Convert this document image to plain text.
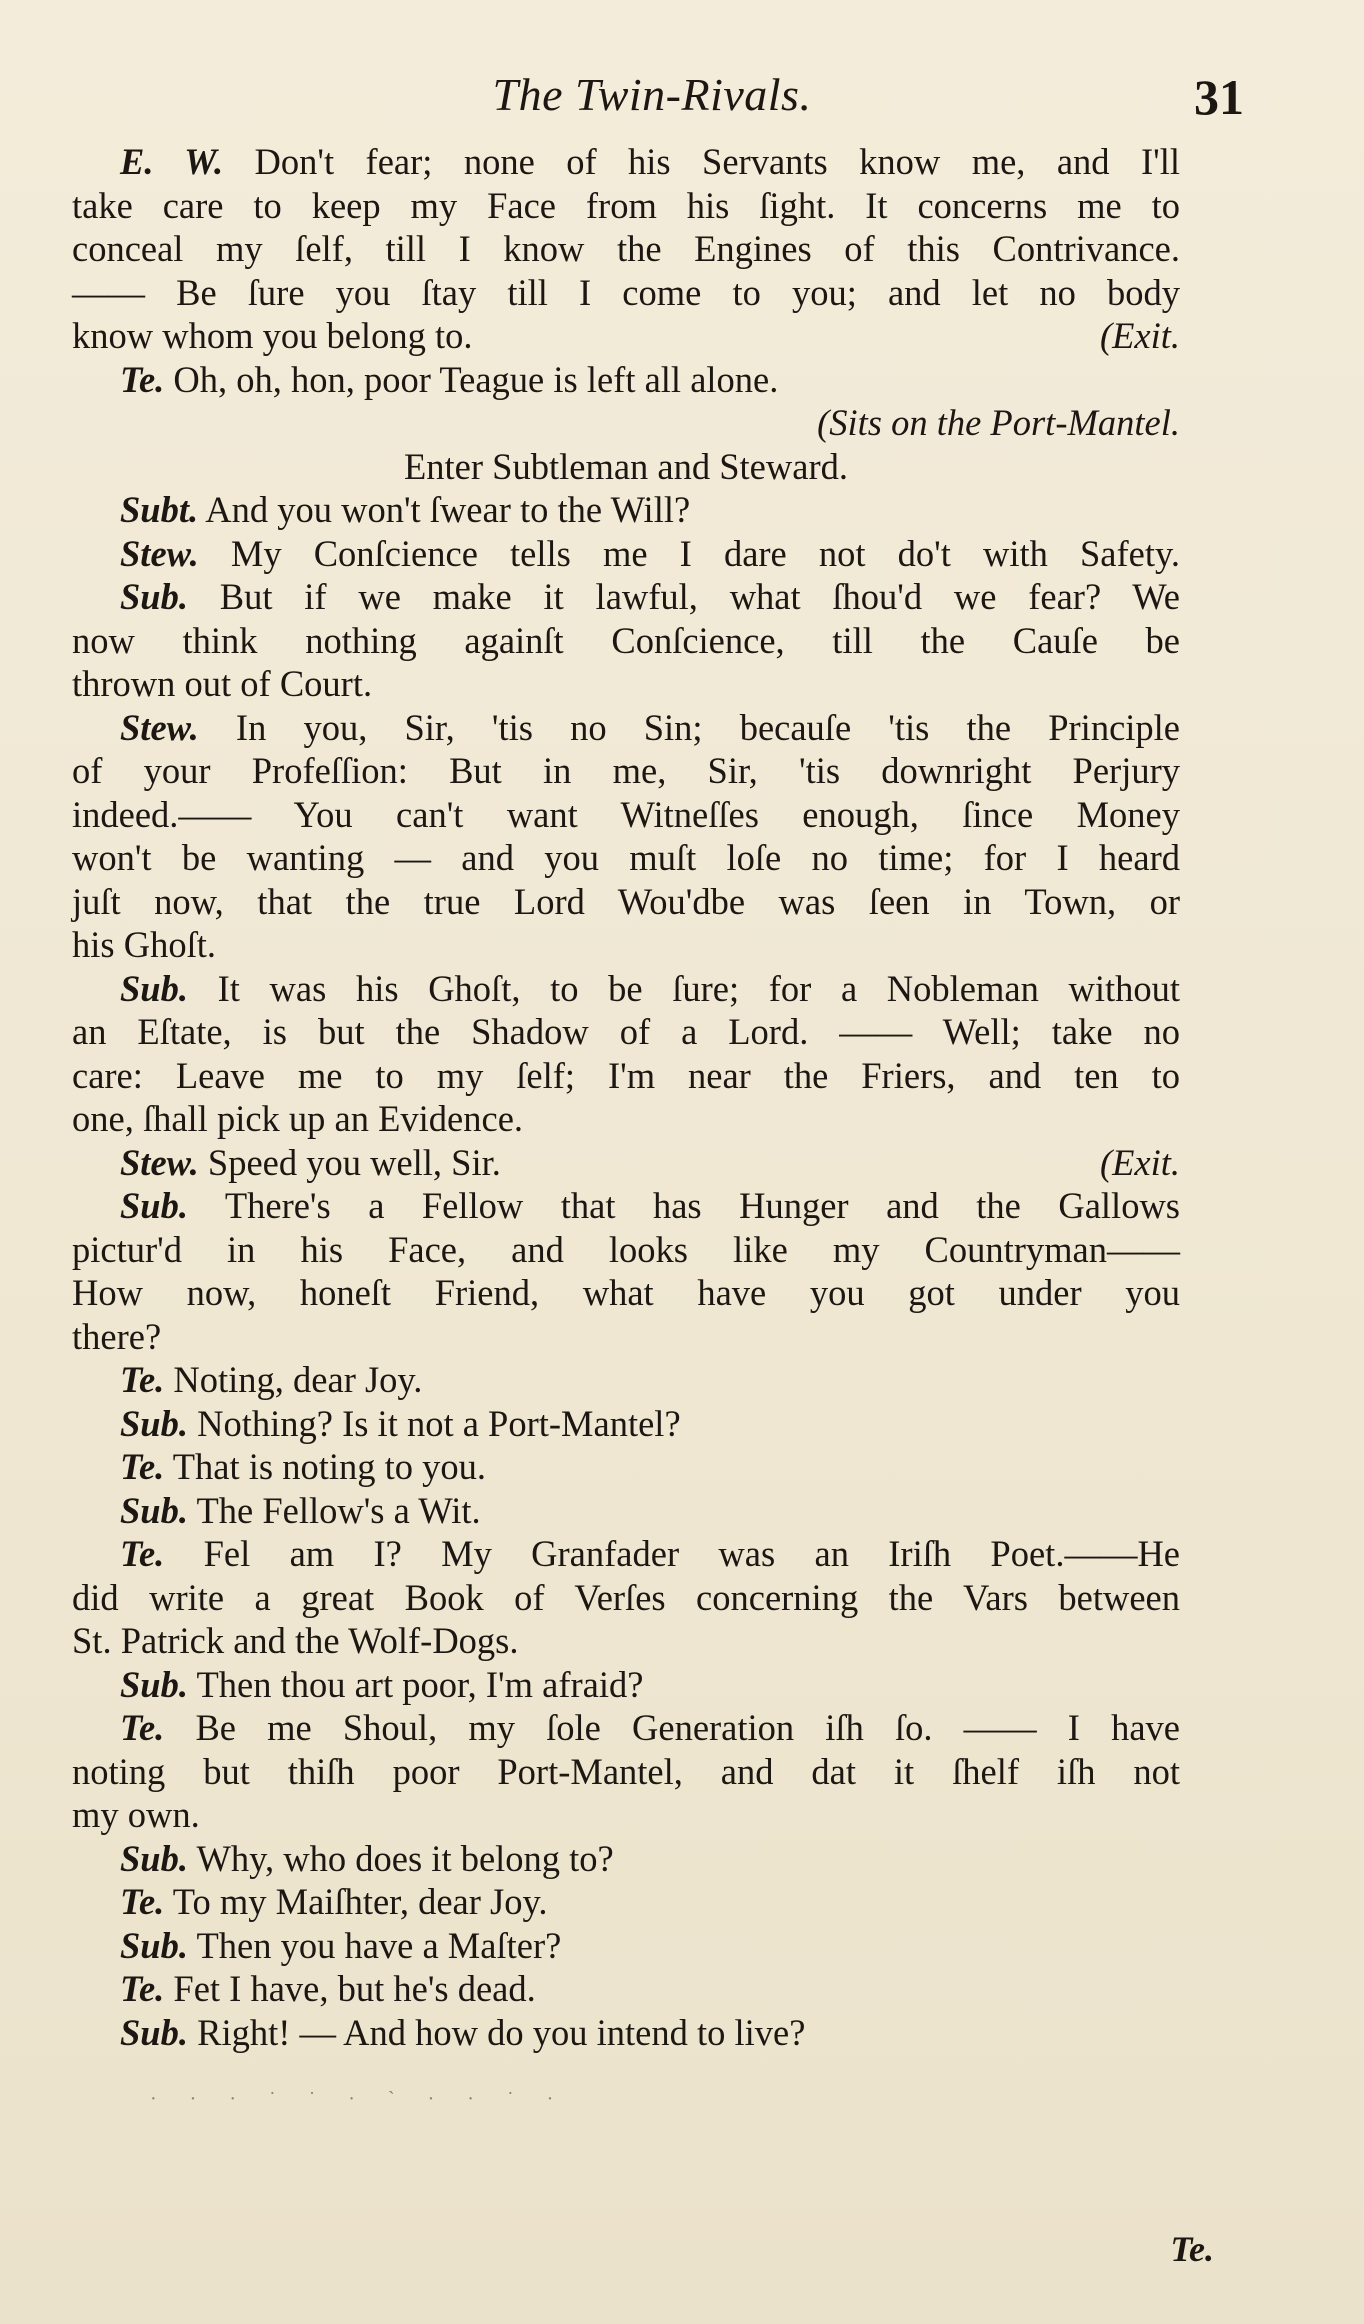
The Twin-Rivals.	31
E. W. Don't fear; none of his Servants know me, and I'll
take care to keep my Face from his ſight. It concerns me to
conceal my ſelf, till I know the Engines of this Contrivance.
—— Be ſure you ſtay till I come to you; and let no body
(Exit.
know whom you belong to.
Te. Oh, oh, hon, poor Teague is left all alone.
(Sits on the Port-Mantel.
Enter Subtleman and Steward.
Subt. And you won't ſwear to the Will?
Stew. My Conſcience tells me I dare not do't with Safety.
Sub. But if we make it lawful, what ſhou'd we fear? We
now think nothing againſt Conſcience, till the Cauſe be
thrown out of Court.
Stew. In you, Sir, 'tis no Sin; becauſe 'tis the Principle
of your Profeſſion: But in me, Sir, 'tis downright Perjury
indeed.—— You can't want Witneſſes enough, ſince Money
won't be wanting — and you muſt loſe no time; for I heard
juſt now, that the true Lord Wou'dbe was ſeen in Town, or
his Ghoſt.
Sub. It was his Ghoſt, to be ſure; for a Nobleman without
an Eſtate, is but the Shadow of a Lord. —— Well; take no
care: Leave me to my ſelf; I'm near the Friers, and ten to
one, ſhall pick up an Evidence.
(Exit.
Stew. Speed you well, Sir.
Sub. There's a Fellow that has Hunger and the Gallows
pictur'd in his Face, and looks like my Countryman——
How now, honeſt Friend, what have you got under you
there?
Te. Noting, dear Joy.
Sub. Nothing? Is it not a Port-Mantel?
Te. That is noting to you.
Sub. The Fellow's a Wit.
Te. Fel am I? My Granfader was an Iriſh Poet.——He
did write a great Book of Verſes concerning the Vars between
St. Patrick and the Wolf-Dogs.
Sub. Then thou art poor, I'm afraid?
Te. Be me Shoul, my ſole Generation iſh ſo. —— I have
noting but thiſh poor Port-Mantel, and dat it ſhelf iſh not
my own.
Sub. Why, who does it belong to?
Te. To my Maiſhter, dear Joy.
Sub. Then you have a Maſter?
Te. Fet I have, but he's dead.
Sub. Right! — And how do you intend to live?
· · · ˙ ˙ · ` · · ˙ ·
Te.
